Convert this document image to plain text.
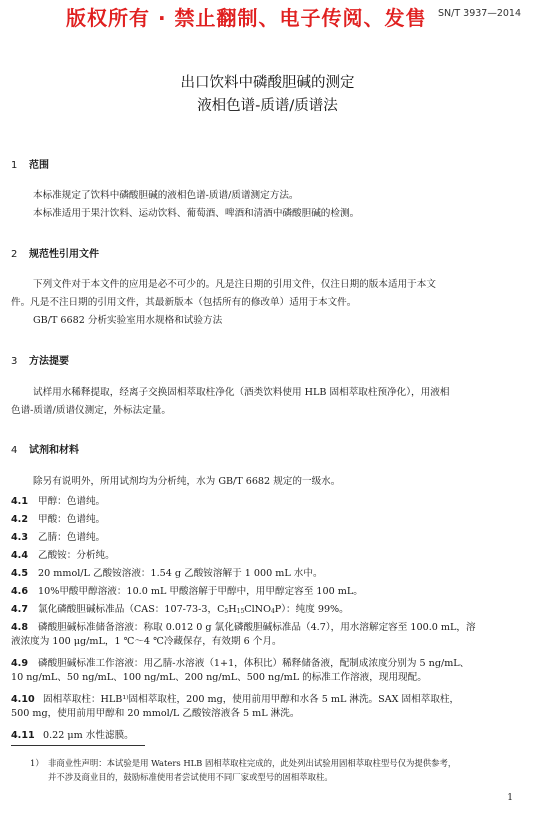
版权所有 · 禁止翻制、电子传阅、发售 SN/T 3937—2014
出口饮料中磷酸胆碱的测定
液相色谱-质谱/质谱法
1 范围
本标准规定了饮料中磷酸胆碱的液相色谱-质谱/质谱测定方法。
本标准适用于果汁饮料、运动饮料、葡萄酒、啤酒和清酒中磷酸胆碱的检测。
2 规范性引用文件
下列文件对于本文件的应用是必不可少的。凡是注日期的引用文件，仅注日期的版本适用于本文
件。凡是不注日期的引用文件，其最新版本（包括所有的修改单）适用于本文件。
GB/T 6682 分析实验室用水规格和试验方法
3 方法提要
试样用水稀释提取，经离子交换固相萃取柱净化（酒类饮料使用 HLB 固相萃取柱预净化），用液相
色谱-质谱/质谱仪测定，外标法定量。
4 试剂和材料
除另有说明外，所用试剂均为分析纯，水为 GB/T 6682 规定的一级水。
4.1 甲醇：色谱纯。
4.2 甲酸：色谱纯。
4.3 乙腈：色谱纯。
4.4 乙酸铵：分析纯。
4.5 20 mmol/L 乙酸铵溶液：1.54 g 乙酸铵溶解于 1 000 mL 水中。
4.6 10%甲酸甲醇溶液：10.0 mL 甲酸溶解于甲醇中，用甲醇定容至 100 mL。
4.7 氯化磷酸胆碱标准品（CAS：107-73-3，$C_5H_{15}ClNO_4P$）：纯度 99%。
4.8 磷酸胆碱标准储备溶液：称取 0.012 0 g 氯化磷酸胆碱标准品（4.7），用水溶解定容至 100.0 mL，溶
液浓度为 100 μg/mL，1 ℃～4 ℃冷藏保存，有效期 6 个月。
4.9 磷酸胆碱标准工作溶液：用乙腈-水溶液（1+1，体积比）稀释储备液，配制成浓度分别为 5 ng/mL、
10 ng/mL、50 ng/mL、100 ng/mL、200 ng/mL、500 ng/mL 的标准工作溶液，现用现配。
4.10 固相萃取柱：HLB¹⁾固相萃取柱，200 mg，使用前用甲醇和水各 5 mL 淋洗。SAX 固相萃取柱，
500 mg，使用前用甲醇和 20 mmol/L 乙酸铵溶液各 5 mL 淋洗。
4.11 0.22 μm 水性滤膜。
1） 非商业性声明：本试验是用 Waters HLB 固相萃取柱完成的，此处列出试验用固相萃取柱型号仅为提供参考，
并不涉及商业目的，鼓励标准使用者尝试使用不同厂家或型号的固相萃取柱。
1
